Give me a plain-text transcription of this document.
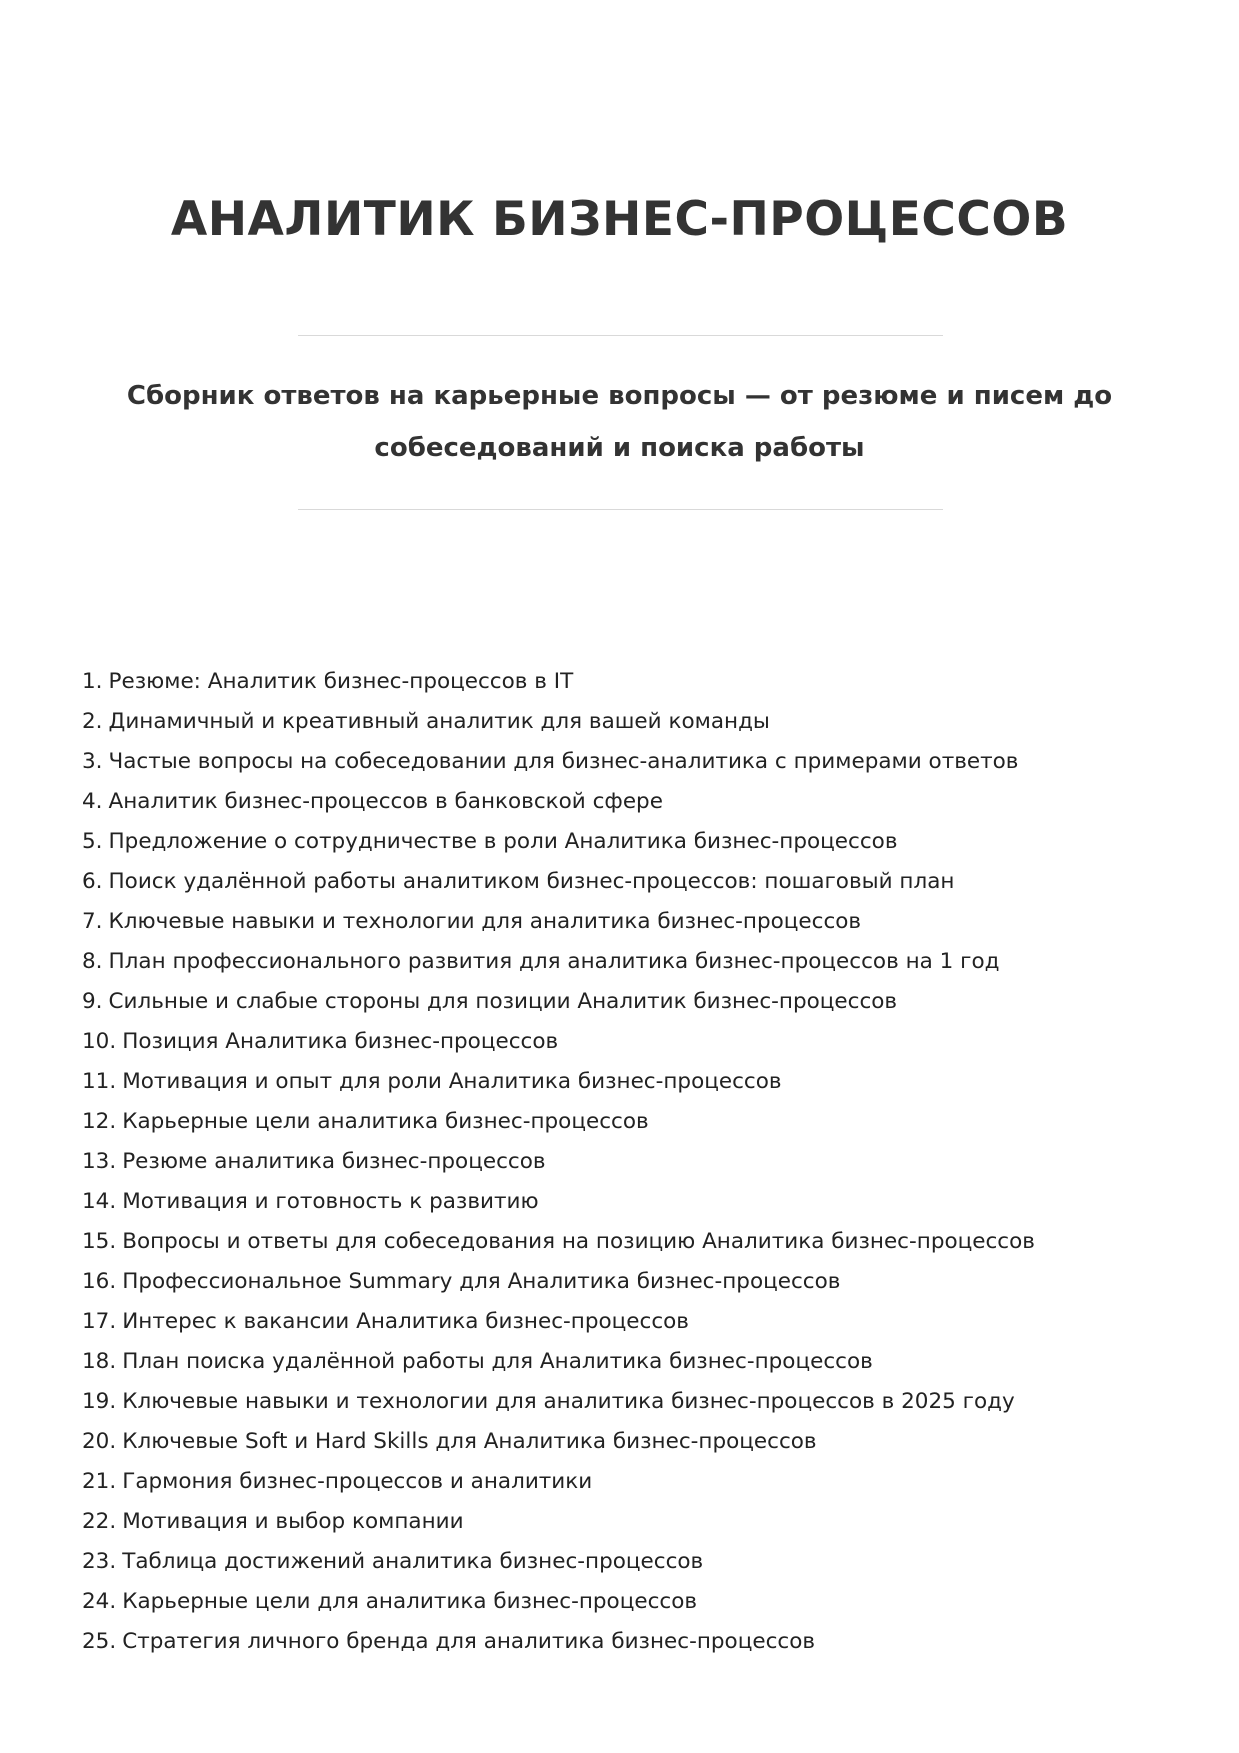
АНАЛИТИК БИЗНЕС-ПРОЦЕССОВ

Сборник ответов на карьерные вопросы — от резюме и писем до собеседований и поиска работы

1. Резюме: Аналитик бизнес-процессов в IT
2. Динамичный и креативный аналитик для вашей команды
3. Частые вопросы на собеседовании для бизнес-аналитика с примерами ответов
4. Аналитик бизнес-процессов в банковской сфере
5. Предложение о сотрудничестве в роли Аналитика бизнес-процессов
6. Поиск удалённой работы аналитиком бизнес-процессов: пошаговый план
7. Ключевые навыки и технологии для аналитика бизнес-процессов
8. План профессионального развития для аналитика бизнес-процессов на 1 год
9. Сильные и слабые стороны для позиции Аналитик бизнес-процессов
10. Позиция Аналитика бизнес-процессов
11. Мотивация и опыт для роли Аналитика бизнес-процессов
12. Карьерные цели аналитика бизнес-процессов
13. Резюме аналитика бизнес-процессов
14. Мотивация и готовность к развитию
15. Вопросы и ответы для собеседования на позицию Аналитика бизнес-процессов
16. Профессиональное Summary для Аналитика бизнес-процессов
17. Интерес к вакансии Аналитика бизнес-процессов
18. План поиска удалённой работы для Аналитика бизнес-процессов
19. Ключевые навыки и технологии для аналитика бизнес-процессов в 2025 году
20. Ключевые Soft и Hard Skills для Аналитика бизнес-процессов
21. Гармония бизнес-процессов и аналитики
22. Мотивация и выбор компании
23. Таблица достижений аналитика бизнес-процессов
24. Карьерные цели для аналитика бизнес-процессов
25. Стратегия личного бренда для аналитика бизнес-процессов
